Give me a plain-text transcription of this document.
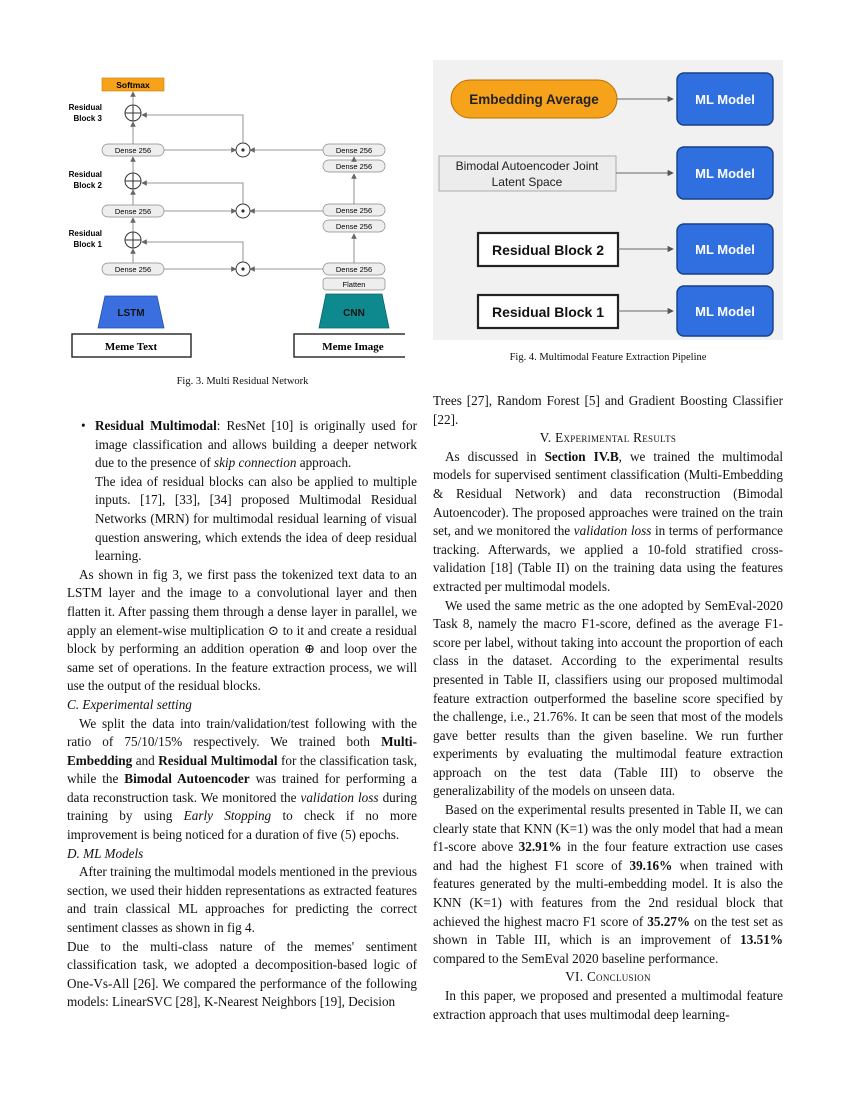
Softmax
Residual
Block 3
Residual
Block 2
Residual
Block 1
Dense 256
Dense 256
Dense 256
Dense 256
Dense 256
Dense 256
Dense 256
Dense 256
Flatten
LSTM	CNN
Meme Text	Meme Image
Fig. 3. Multi Residual Network
Embedding Average
Bimodal Autoencoder Joint
Latent Space
Residual Block 2
Residual Block 1
ML Model
ML Model
ML Model
ML Model
Fig. 4. Multimodal Feature Extraction Pipeline
• Residual Multimodal: ResNet [10] is originally used for image classification and allows building a deeper network due to the presence of skip connection approach.

The idea of residual blocks can also be applied to multiple inputs. [17], [33], [34] proposed Multimodal Residual Networks (MRN) for multimodal residual learning of visual question answering, which extends the idea of deep residual learning.

As shown in fig 3, we first pass the tokenized text data to an LSTM layer and the image to a convolutional layer and then flatten it. After passing them through a dense layer in parallel, we apply an element-wise multiplication ⊙ to it and create a residual block by performing an addition operation ⊕ and loop over the same set of operations. In the feature extraction process, we will use the output of the residual blocks.

C. Experimental setting

We split the data into train/validation/test following with the ratio of 75/10/15% respectively. We trained both Multi-Embedding and Residual Multimodal for the classification task, while the Bimodal Autoencoder was trained for performing a data reconstruction task. We monitored the validation loss during training by using Early Stopping to check if no more improvement is being noticed for a duration of five (5) epochs.

D. ML Models

After training the multimodal models mentioned in the previous section, we used their hidden representations as extracted features and train classical ML approaches for predicting the correct sentiment classes as shown in fig 4.

Due to the multi-class nature of the memes' sentiment classification task, we adopted a decomposition-based logic of One-Vs-All [26]. We compared the performance of the following models: LinearSVC [28], K-Nearest Neighbors [19], Decision

Trees [27], Random Forest [5] and Gradient Boosting Classifier [22].

V. Experimental Results

As discussed in Section IV.B, we trained the multimodal models for supervised sentiment classification (Multi-Embedding & Residual Network) and data reconstruction (Bimodal Autoencoder). The proposed approaches were trained on the train set, and we monitored the validation loss in terms of performance tracking. Afterwards, we applied a 10-fold stratified cross-validation [18] (Table II) on the training data using the features extracted per multimodal models.

We used the same metric as the one adopted by SemEval-2020 Task 8, namely the macro F1-score, defined as the average F1-score per label, without taking into account the proportion of each class in the dataset. According to the experimental results presented in Table II, classifiers using our proposed multimodal feature extraction outperformed the baseline score specified by the challenge, i.e., 21.76%. It can be seen that most of the models gave better results than the given baseline. We run further experiments by evaluating the multimodal feature extraction approach on the test data (Table III) to observe the generalizability of the models on unseen data.

Based on the experimental results presented in Table II, we can clearly state that KNN (K=1) was the only model that had a mean f1-score above 32.91% in the four feature extraction use cases and had the highest F1 score of 39.16% when trained with features generated by the multi-embedding model. It is also the KNN (K=1) with features from the 2nd residual block that achieved the highest macro F1 score of 35.27% on the test set as shown in Table III, which is an improvement of 13.51% compared to the SemEval 2020 baseline performance.

VI. Conclusion

In this paper, we proposed and presented a multimodal feature extraction approach that uses multimodal deep learning-
